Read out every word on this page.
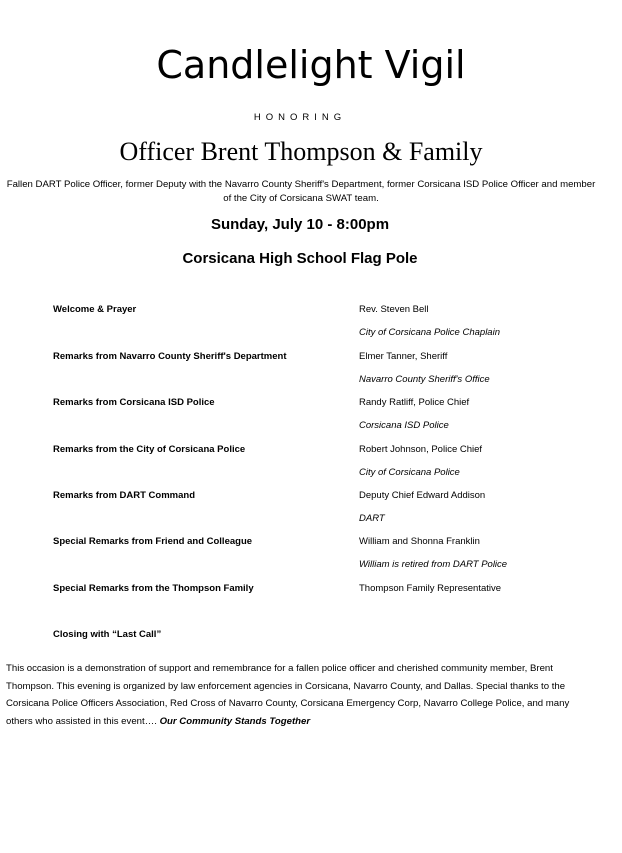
Candlelight Vigil
HONORING
Officer Brent Thompson & Family
Fallen DART Police Officer, former Deputy with the Navarro County Sheriff's Department, former Corsicana ISD Police Officer and member of the City of Corsicana SWAT team.
Sunday, July 10 - 8:00pm
Corsicana High School Flag Pole
Welcome & Prayer	Rev. Steven Bell
City of Corsicana Police Chaplain
Remarks from Navarro County Sheriff's Department	Elmer Tanner, Sheriff
Navarro County Sheriff's Office
Remarks from Corsicana ISD Police	Randy Ratliff, Police Chief
Corsicana ISD Police
Remarks from the City of Corsicana Police	Robert Johnson, Police Chief
City of Corsicana Police
Remarks from DART Command	Deputy Chief Edward Addison
DART
Special Remarks from Friend and Colleague	William and Shonna Franklin
William is retired from DART Police
Special Remarks from the Thompson Family	Thompson Family Representative
Closing with “Last Call”
This occasion is a demonstration of support and remembrance for a fallen police officer and cherished community member, Brent Thompson. This evening is organized by law enforcement agencies in Corsicana, Navarro County, and Dallas. Special thanks to the Corsicana Police Officers Association, Red Cross of Navarro County, Corsicana Emergency Corp, Navarro College Police, and many others who assisted in this event…. Our Community Stands Together
